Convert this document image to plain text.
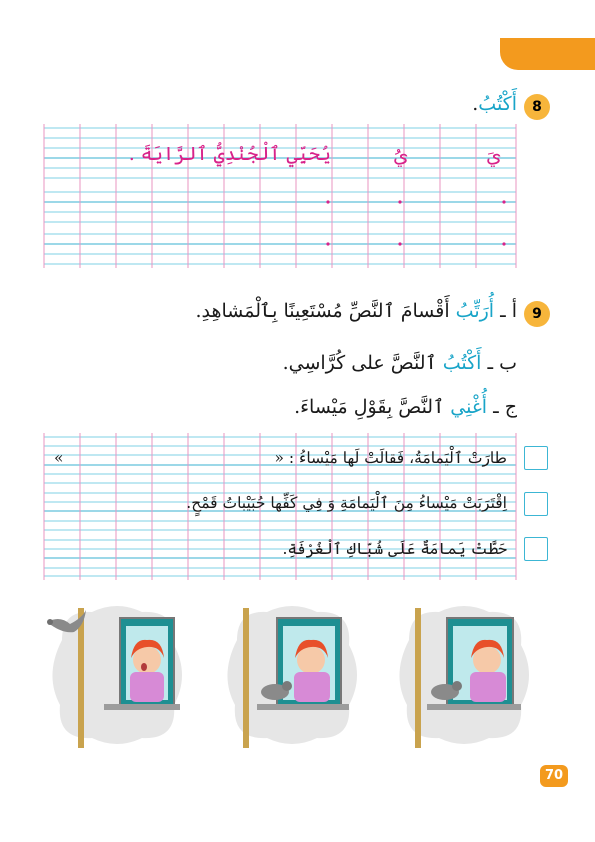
8
أَكْتُبُ.
يَ
يُ
يُحَيِّي ٱلْجُنْدِيُّ ٱلرَّايَةَ .
9
أ ـ أُرَتِّبُ أَقْسامَ ٱلنَّصِّ مُسْتَعِينًا بِٱلْمَشاهِدِ.
ب ـ أَكْتُبُ ٱلنَّصَّ على كُرَّاسِي.
ج ـ أُغْنِي ٱلنَّصَّ بِقَوْلِ مَيْساءَ.
طارَتْ ٱلْيَمامَةُ، فَقالَتْ لَها مَيْساءُ : «
»
اِقْتَرَبَتْ مَيْساءُ مِنَ ٱلْيَمامَةِ وَ فِي كَفِّها حُبَيْباتُ قَمْحٍ.
حَطَّتْ يَمامَةٌ عَلَى شُبّاكِ ٱلْغُرْفَةِ.
70
